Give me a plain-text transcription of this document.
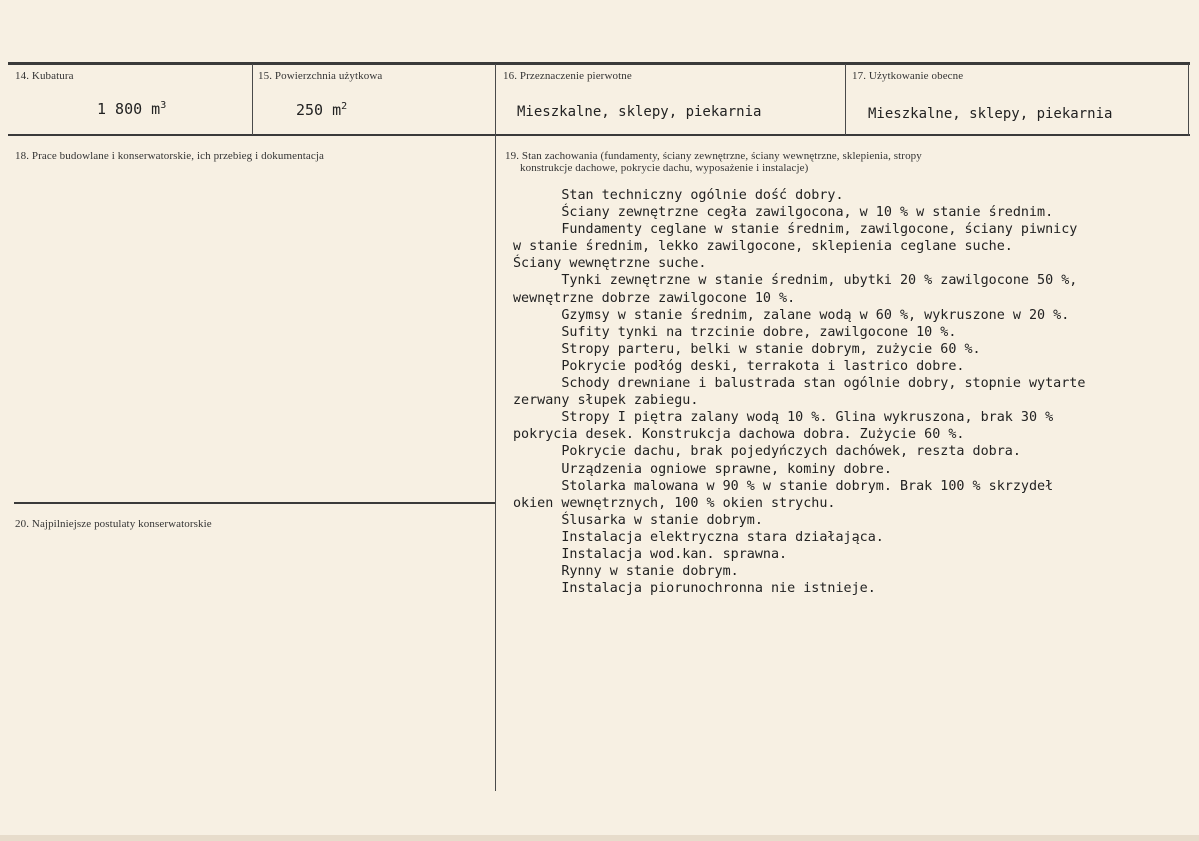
14. Kubatura
1 800 $m^3$
15. Powierzchnia użytkowa
250 $m^2$
16. Przeznaczenie pierwotne
Mieszkalne, sklepy, piekarnia
17. Użytkowanie obecne
Mieszkalne, sklepy, piekarnia
18. Prace budowlane i konserwatorskie, ich przebieg i dokumentacja
20. Najpilniejsze postulaty konserwatorskie
19. Stan zachowania (fundamenty, ściany zewnętrzne, ściany wewnętrzne, sklepienia, stropy
konstrukcje dachowe, pokrycie dachu, wyposażenie i instalacje)
Stan techniczny ogólnie dość dobry.
Ściany zewnętrzne cegła zawilgocona, w 10 % w stanie średnim.
Fundamenty ceglane w stanie średnim, zawilgocone, ściany piwnicy
w stanie średnim, lekko zawilgocone, sklepienia ceglane suche.
Ściany wewnętrzne suche.
Tynki zewnętrzne w stanie średnim, ubytki 20 % zawilgocone 50 %,
wewnętrzne dobrze zawilgocone 10 %.
Gzymsy w stanie średnim, zalane wodą w 60 %, wykruszone w 20 %.
Sufity tynki na trzcinie dobre, zawilgocone 10 %.
Stropy parteru, belki w stanie dobrym, zużycie 60 %.
Pokrycie podłóg deski, terrakota i lastrico dobre.
Schody drewniane i balustrada stan ogólnie dobry, stopnie wytarte
zerwany słupek zabiegu.
Stropy I piętra zalany wodą 10 %. Glina wykruszona, brak 30 %
pokrycia desek. Konstrukcja dachowa dobra. Zużycie 60 %.
Pokrycie dachu, brak pojedyńczych dachówek, reszta dobra.
Urządzenia ogniowe sprawne, kominy dobre.
Stolarka malowana w 90 % w stanie dobrym. Brak 100 % skrzydeł
okien wewnętrznych, 100 % okien strychu.
Ślusarka w stanie dobrym.
Instalacja elektryczna stara działająca.
Instalacja wod.kan. sprawna.
Rynny w stanie dobrym.
Instalacja piorunochronna nie istnieje.
